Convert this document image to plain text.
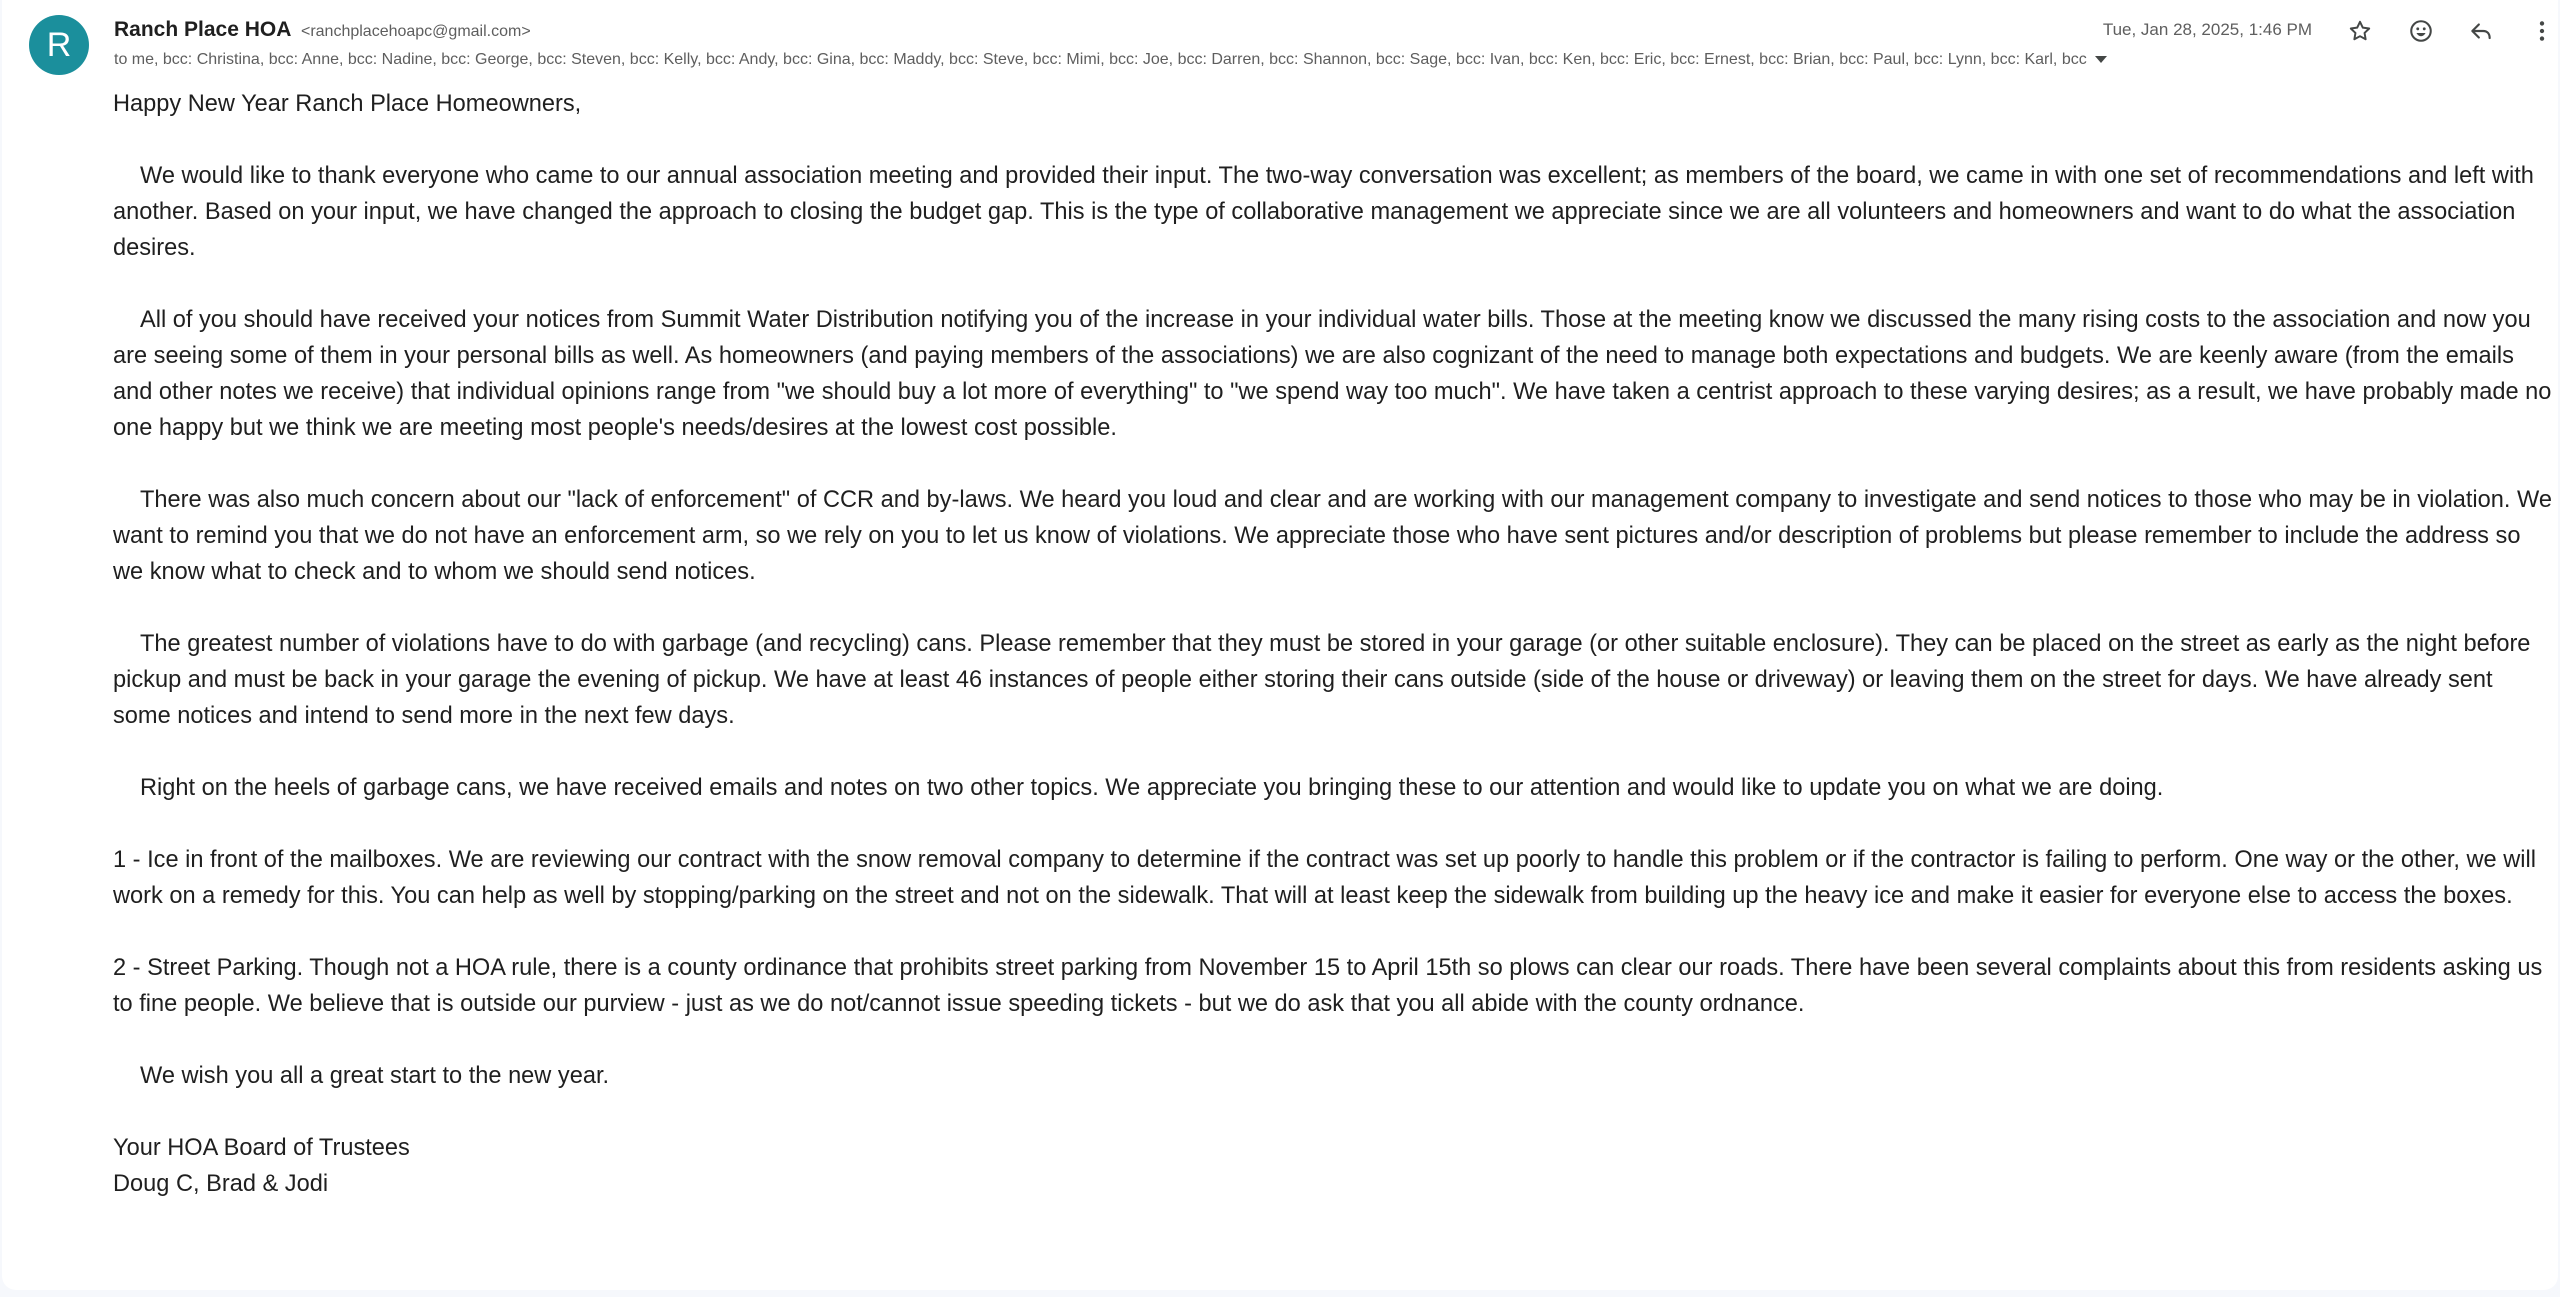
R	Ranch Place HOA <ranchplacehoapc@gmail.com>
to me, bcc: Christina, bcc: Anne, bcc: Nadine, bcc: George, bcc: Steven, bcc: Kelly, bcc: Andy, bcc: Gina, bcc: Maddy, bcc: Steve, bcc: Mimi, bcc: Joe, bcc: Darren, bcc: Shannon, bcc: Sage, bcc: Ivan, bcc: Ken, bcc: Eric, bcc: Ernest, bcc: Brian, bcc: Paul, bcc: Lynn, bcc: Karl, bcc
Tue, Jan 28, 2025, 1:46 PM

Happy New Year Ranch Place Homeowners,

We would like to thank everyone who came to our annual association meeting and provided their input. The two-way conversation was excellent; as members of the board, we came in with one set of recommendations and left with another. Based on your input, we have changed the approach to closing the budget gap. This is the type of collaborative management we appreciate since we are all volunteers and homeowners and want to do what the association desires.

All of you should have received your notices from Summit Water Distribution notifying you of the increase in your individual water bills. Those at the meeting know we discussed the many rising costs to the association and now you are seeing some of them in your personal bills as well. As homeowners (and paying members of the associations) we are also cognizant of the need to manage both expectations and budgets. We are keenly aware (from the emails and other notes we receive) that individual opinions range from "we should buy a lot more of everything" to "we spend way too much". We have taken a centrist approach to these varying desires; as a result, we have probably made no one happy but we think we are meeting most people's needs/desires at the lowest cost possible.

There was also much concern about our "lack of enforcement" of CCR and by-laws. We heard you loud and clear and are working with our management company to investigate and send notices to those who may be in violation. We want to remind you that we do not have an enforcement arm, so we rely on you to let us know of violations. We appreciate those who have sent pictures and/or description of problems but please remember to include the address so we know what to check and to whom we should send notices.

The greatest number of violations have to do with garbage (and recycling) cans. Please remember that they must be stored in your garage (or other suitable enclosure). They can be placed on the street as early as the night before pickup and must be back in your garage the evening of pickup. We have at least 46 instances of people either storing their cans outside (side of the house or driveway) or leaving them on the street for days. We have already sent some notices and intend to send more in the next few days.

Right on the heels of garbage cans, we have received emails and notes on two other topics. We appreciate you bringing these to our attention and would like to update you on what we are doing.

1 - Ice in front of the mailboxes. We are reviewing our contract with the snow removal company to determine if the contract was set up poorly to handle this problem or if the contractor is failing to perform. One way or the other, we will work on a remedy for this. You can help as well by stopping/parking on the street and not on the sidewalk. That will at least keep the sidewalk from building up the heavy ice and make it easier for everyone else to access the boxes.

2 - Street Parking. Though not a HOA rule, there is a county ordinance that prohibits street parking from November 15 to April 15th so plows can clear our roads. There have been several complaints about this from residents asking us to fine people. We believe that is outside our purview - just as we do not/cannot issue speeding tickets - but we do ask that you all abide with the county ordnance.

We wish you all a great start to the new year.

Your HOA Board of Trustees

Doug C, Brad & Jodi
